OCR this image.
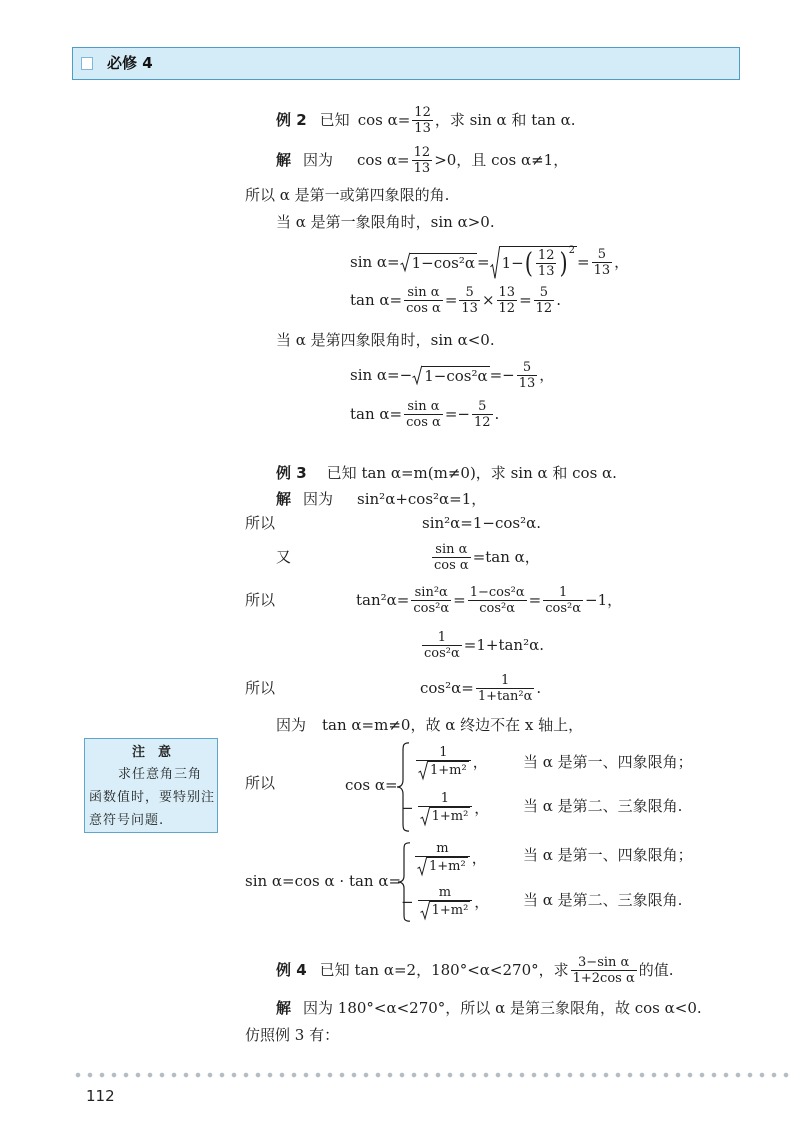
必修 4
例 2 已知 cos α= 12
13 ，求 sin α 和 tan α.
解 因为 cos α= 12
13 >0，且 cos α≠1，
所以 α 是第一或第四象限的角.
当 α 是第一象限角时，sin α>0.
sin α= 1−cos²α = 1− ( 12
13 ) 2
= 5
13 ，
tan α= sin α
cos α = 5
13 × 13
12 = 5
12 .
当 α 是第四象限角时，sin α<0.
sin α=− 1−cos²α =− 5
13 ，
tan α= sin α
cos α =− 5
12 .
例 3 已知 tan α=m(m≠0)，求 sin α 和 cos α.
解 因为 sin²α+cos²α=1，
所以	sin²α=1−cos²α.
又	sin α
cos α =tan α，
所以	tan²α= sin²α
cos²α = 1−cos²α
cos²α = 1
cos²α −1，
1
cos²α =1+tan²α.
所以	cos²α= 1
1+tan²α .
因为 tan α=m≠0，故 α 终边不在 x 轴上，
所以	cos α=
1
1+m² ， 当 α 是第一、四象限角；
−
1
1+m² ， 当 α 是第二、三象限角.
sin α=cos α · tan α=
m
1+m² ， 当 α 是第一、四象限角；
−
m
1+m² ， 当 α 是第二、三象限角.
注　意
求任意角三角
函数值时，要特别注
意符号问题.
例 4 已知 tan α=2，180°<α<270°，求 3−sin α
1+2cos α 的值.
解 因为 180°<α<270°，所以 α 是第三象限角，故 cos α<0.
仿照例 3 有：
112
